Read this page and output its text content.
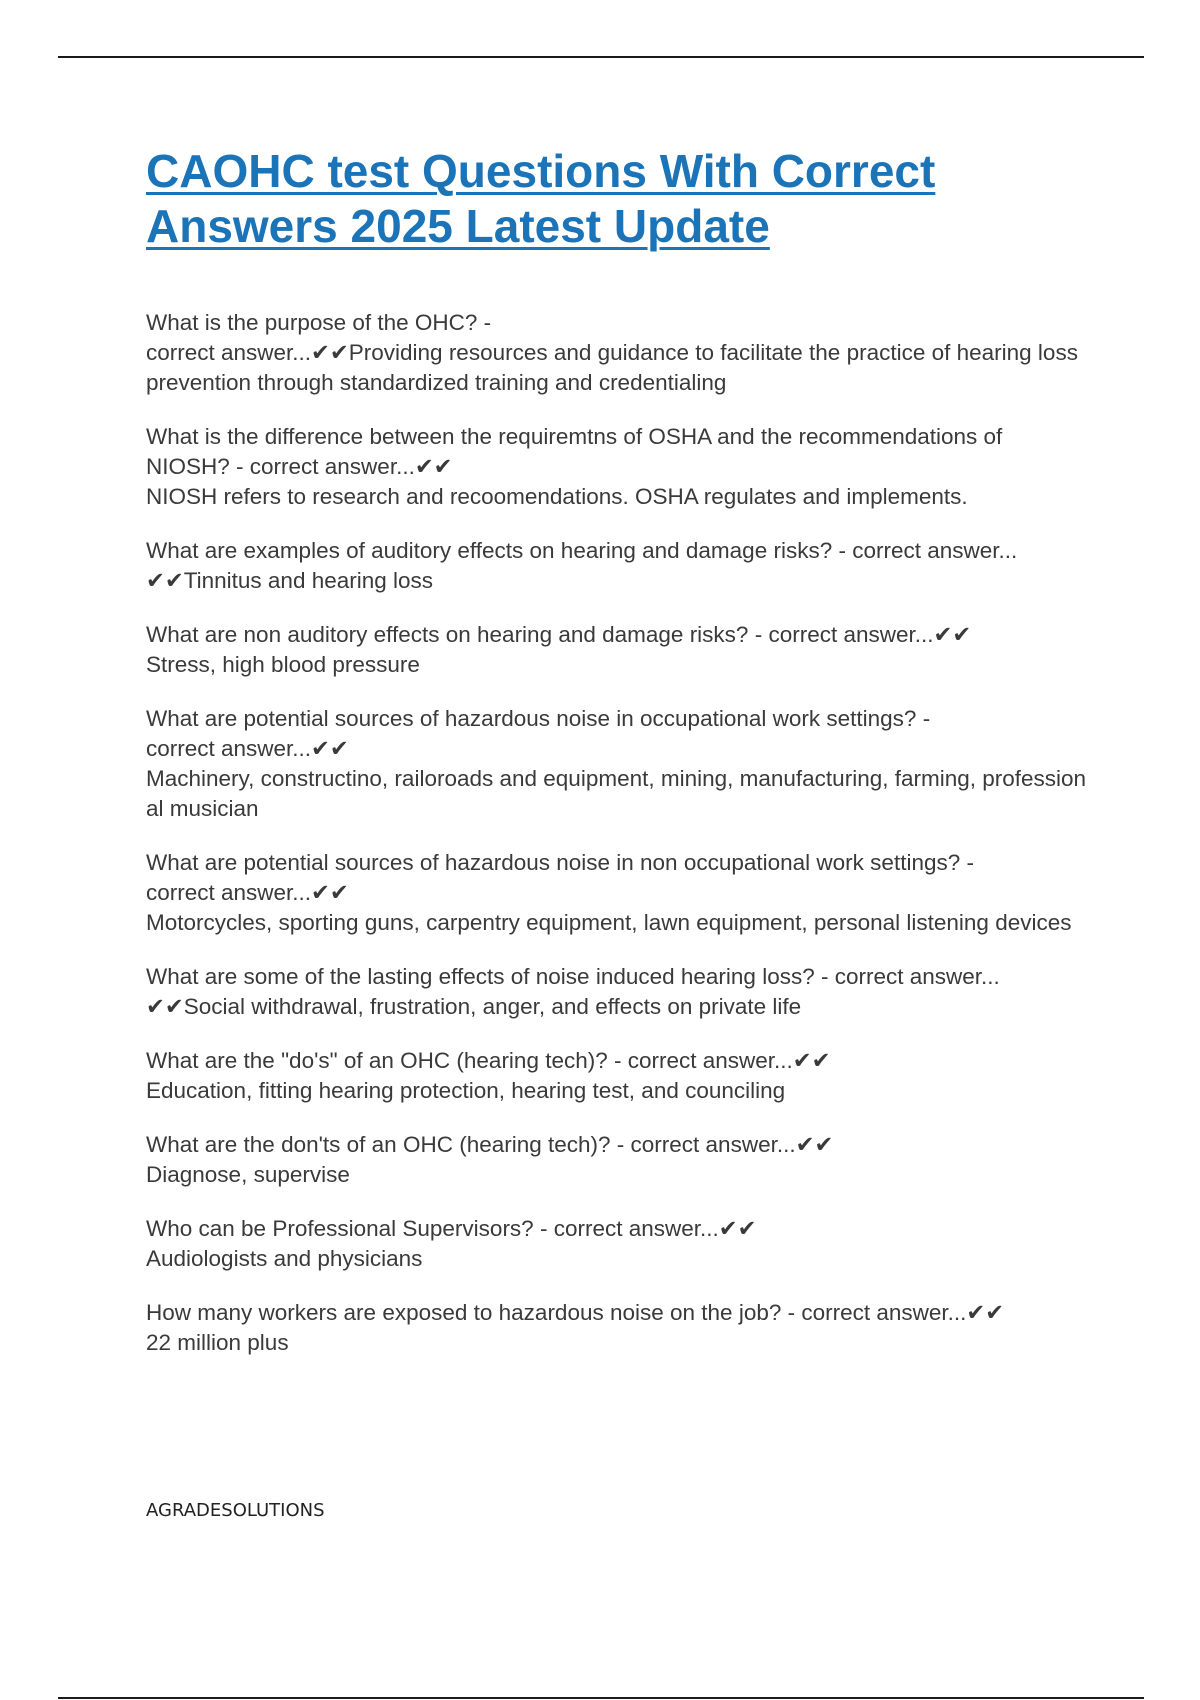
CAOHC test Questions With Correct
Answers 2025 Latest Update
What is the purpose of the OHC? -
correct answer...✔✔Providing resources and guidance to facilitate the practice of hearing loss prevention through standardized training and credentialing
What is the difference between the requiremtns of OSHA and the recommendations of NIOSH? - correct answer...✔✔
NIOSH refers to research and recoomendations. OSHA regulates and implements.
What are examples of auditory effects on hearing and damage risks? - correct answer...
✔✔Tinnitus and hearing loss
What are non auditory effects on hearing and damage risks? - correct answer...✔✔
Stress, high blood pressure
What are potential sources of hazardous noise in occupational work settings? -
correct answer...✔✔
Machinery, constructino, railoroads and equipment, mining, manufacturing, farming, professional musician
What are potential sources of hazardous noise in non occupational work settings? -
correct answer...✔✔
Motorcycles, sporting guns, carpentry equipment, lawn equipment, personal listening devices
What are some of the lasting effects of noise induced hearing loss? - correct answer...
✔✔Social withdrawal, frustration, anger, and effects on private life
What are the "do's" of an OHC (hearing tech)? - correct answer...✔✔
Education, fitting hearing protection, hearing test, and counciling
What are the don'ts of an OHC (hearing tech)? - correct answer...✔✔
Diagnose, supervise
Who can be Professional Supervisors? - correct answer...✔✔
Audiologists and physicians
How many workers are exposed to hazardous noise on the job? - correct answer...✔✔
22 million plus
AGRADESOLUTIONS
